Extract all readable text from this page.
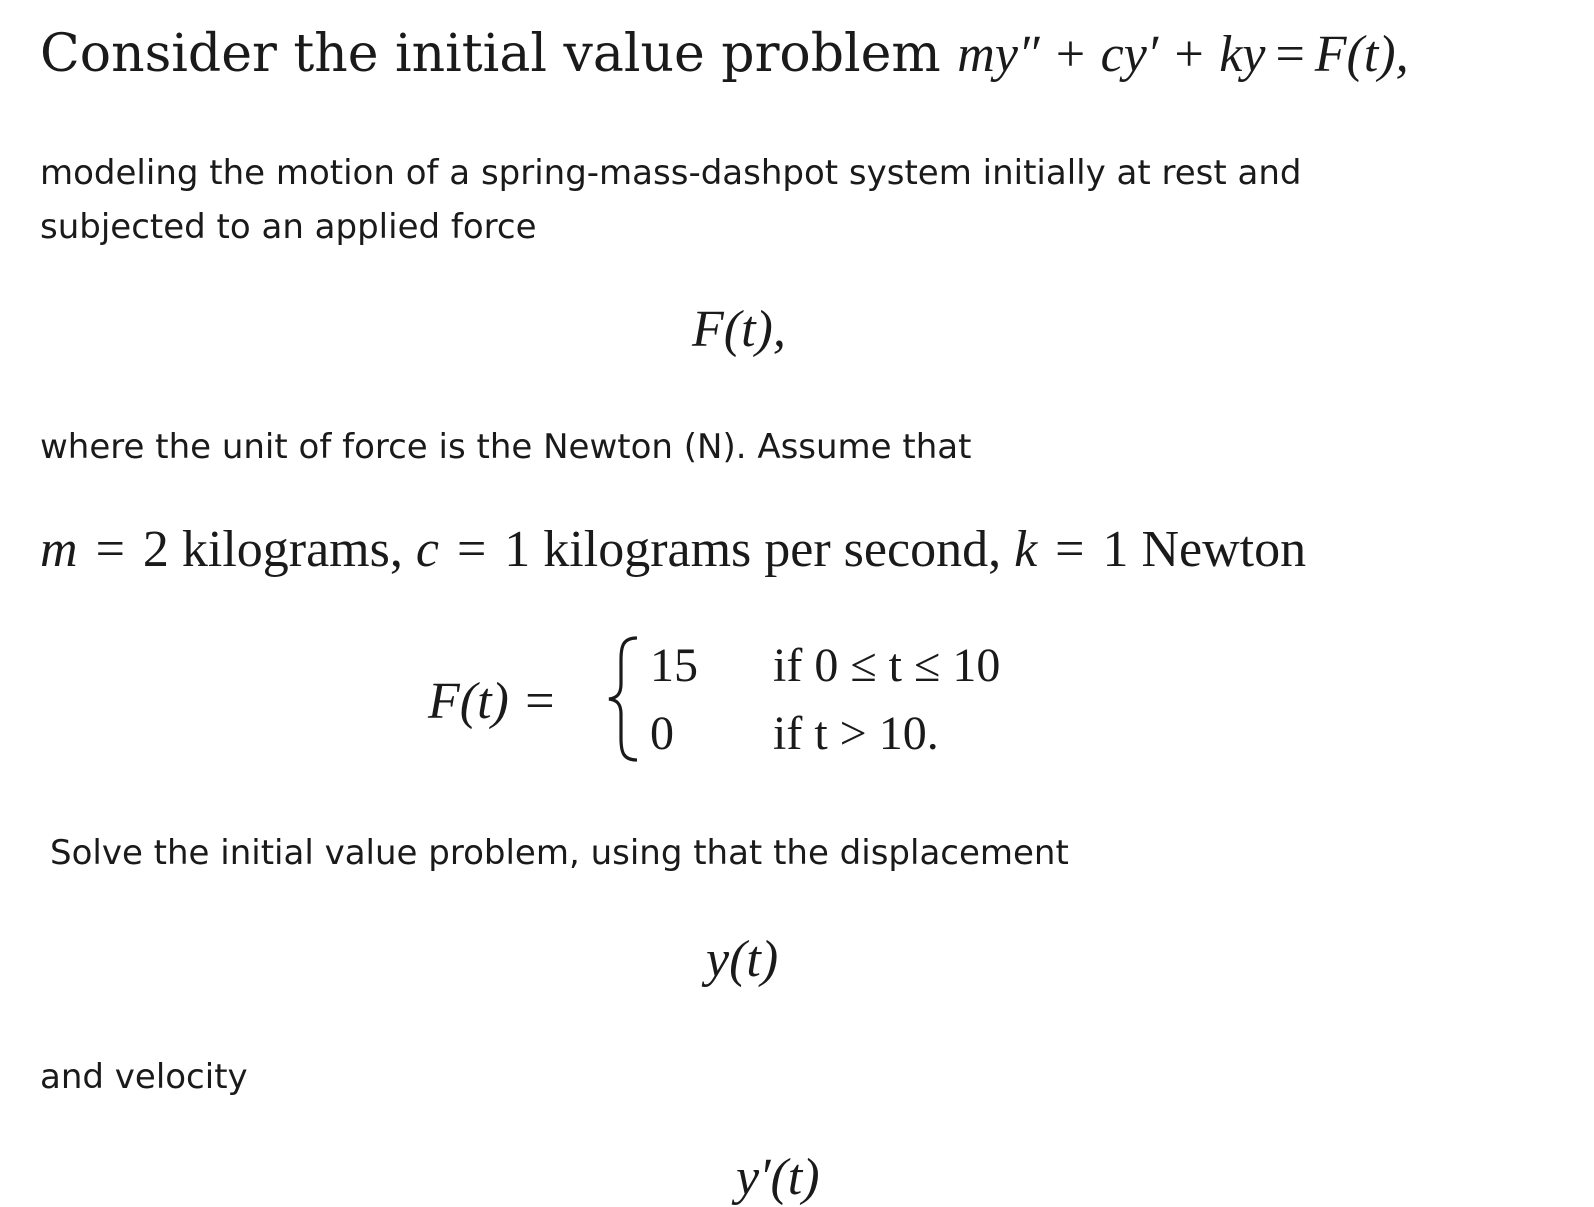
Consider the initial value problem my″ + cy′ + ky = F(t),
modeling the motion of a spring-mass-dashpot system initially at rest and subjected to an applied force
F(t),
where the unit of force is the Newton (N). Assume that
m = 2 kilograms, c = 1 kilograms per second, k = 1 Newton
F(t) =
15 if 0 ≤ t ≤ 10
0 if t > 10.
Solve the initial value problem, using that the displacement
y(t)
and velocity
y′(t)
